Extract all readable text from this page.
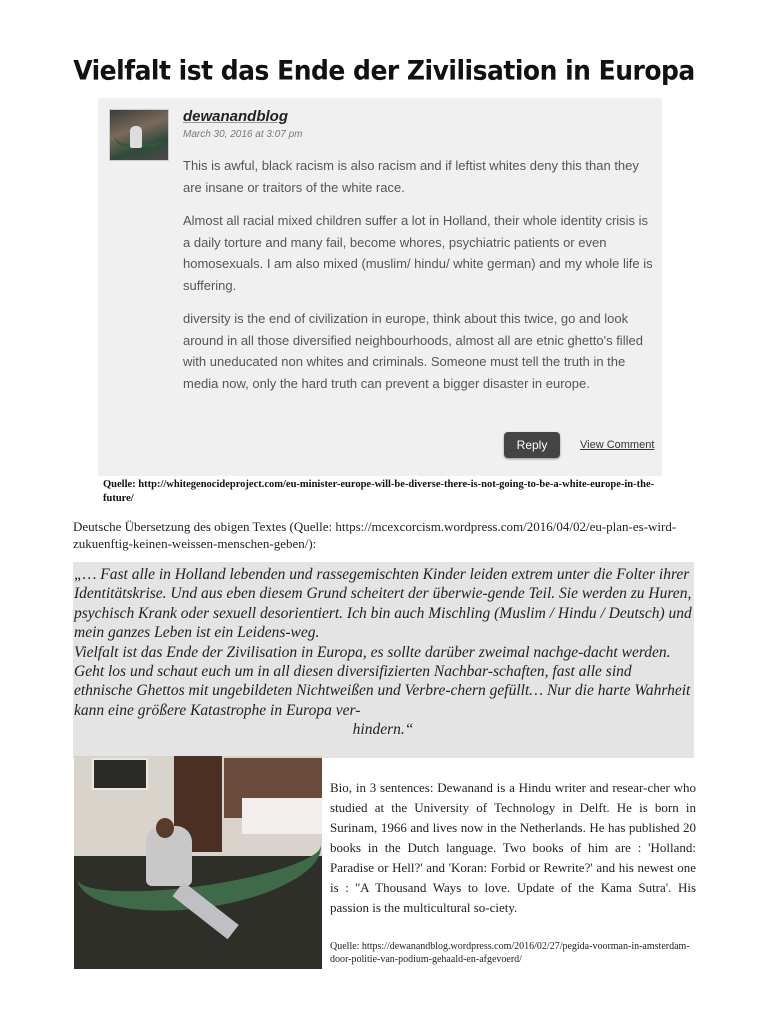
Vielfalt ist das Ende der Zivilisation in Europa
dewanandblog
March 30, 2016 at 3:07 pm

This is awful, black racism is also racism and if leftist whites deny this than they are insane or traitors of the white race.

Almost all racial mixed children suffer a lot in Holland, their whole identity crisis is a daily torture and many fail, become whores, psychiatric patients or even homosexuals. I am also mixed (muslim/ hindu/ white german) and my whole life is suffering.

diversity is the end of civilization in europe, think about this twice, go and look around in all those diversified neighbourhoods, almost all are etnic ghetto's filled with uneducated non whites and criminals. Someone must tell the truth in the media now, only the hard truth can prevent a bigger disaster in europe.

Reply	View Comment
Quelle: http://whitegenocideproject.com/eu-minister-europe-will-be-diverse-there-is-not-going-to-be-a-white-europe-in-the-future/
Deutsche Übersetzung des obigen Textes (Quelle: https://mcexcorcism.wordpress.com/2016/04/02/eu-plan-es-wird-zukuenftig-keinen-weissen-menschen-geben/):
„… Fast alle in Holland lebenden und rassegemischten Kinder leiden extrem unter die Folter ihrer Identitätskrise. Und aus eben diesem Grund scheitert der überwie-gende Teil. Sie werden zu Huren, psychisch Krank oder sexuell desorientiert. Ich bin auch Mischling (Muslim / Hindu / Deutsch) und mein ganzes Leben ist ein Leidens-weg.
Vielfalt ist das Ende der Zivilisation in Europa, es sollte darüber zweimal nachge-dacht werden. Geht los und schaut euch um in all diesen diversifizierten Nachbar-schaften, fast alle sind ethnische Ghettos mit ungebildeten Nichtweißen und Verbre-chern gefüllt… Nur die harte Wahrheit kann eine größere Katastrophe in Europa ver-
hindern.“
Bio, in 3 sentences: Dewanand is a Hindu writer and resear-cher who studied at the University of Technology in Delft. He is born in Surinam, 1966 and lives now in the Netherlands. He has published 20 books in the Dutch language. Two books of him are : 'Holland: Paradise or Hell?' and 'Koran: Forbid or Rewrite?' and his newest one is : ''A Thousand Ways to love. Update of the Kama Sutra'. His passion is the multicultural so-ciety.
Quelle: https://dewanandblog.wordpress.com/2016/02/27/pegida-voorman-in-amsterdam-door-politie-van-podium-gehaald-en-afgevoerd/
